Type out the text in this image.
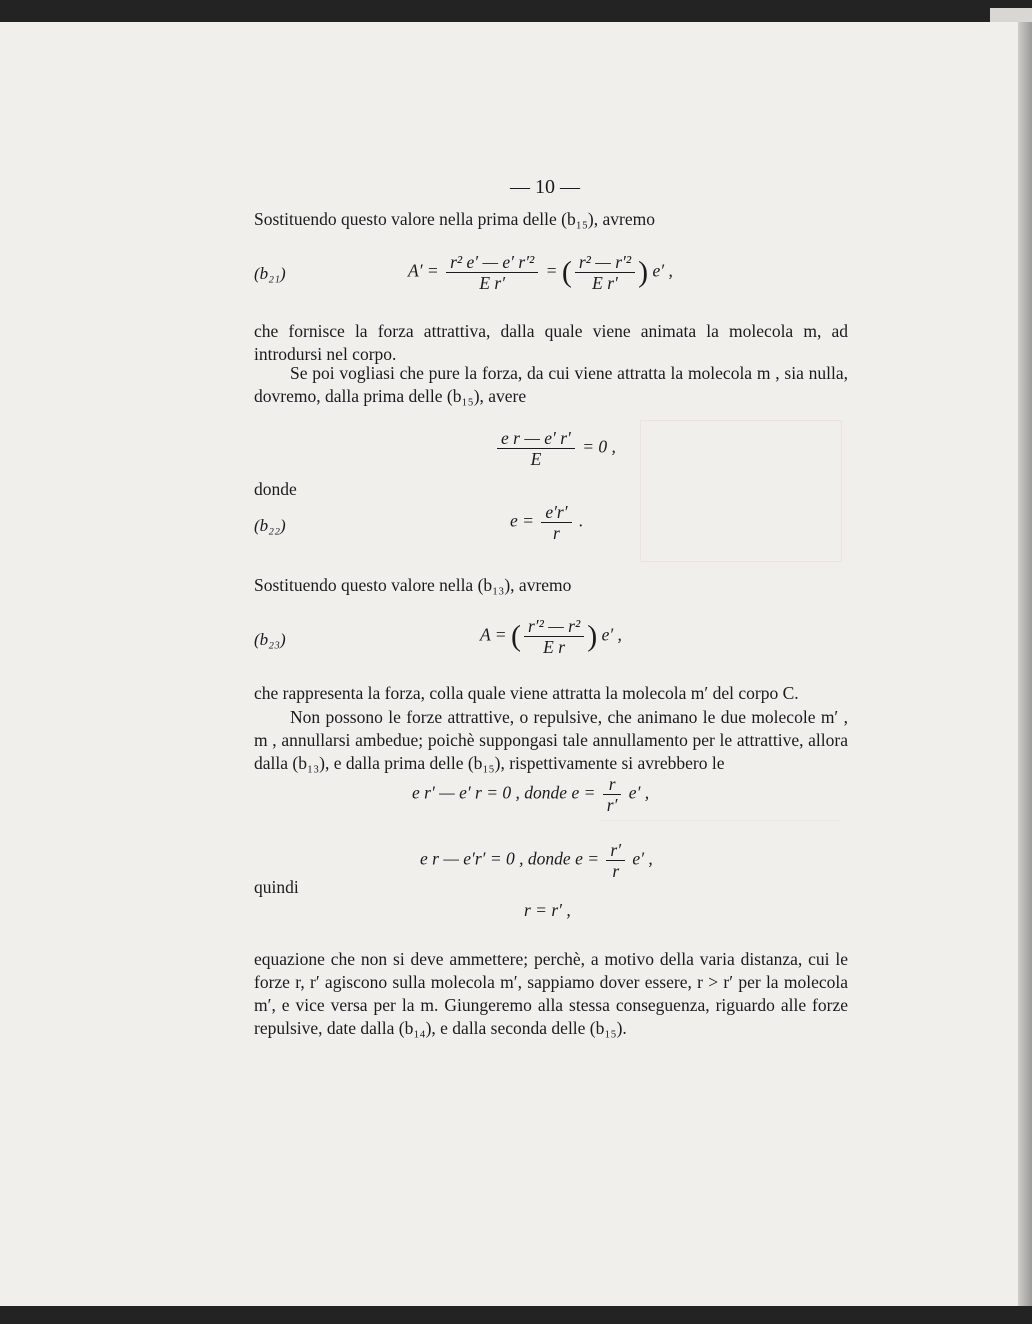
— 10 —
Sostituendo questo valore nella prima delle (b₁₅), avremo
(b₂₁)	$A' = \frac{\text{r² e′ — e′ r′²}}{\text{E r′}}$ = ( $\frac{\text{r² — r′²}}{\text{E r′}}$ ) e′ ,
che fornisce la forza attrattiva, dalla quale viene animata la molecola m, ad introdursi nel corpo.
Se poi vogliasi che pure la forza, da cui viene attratta la molecola m , sia nulla, dovremo, dalla prima delle (b₁₅), avere
$\frac{\text{e r — e′ r′}}{E} = 0$ ,
donde
(b₂₂)	$e = \frac{e'r'}{r}$ .
Sostituendo questo valore nella (b₁₃), avremo
(b₂₃)	A = ( $\frac{\text{r′² — r²}}{\text{E r}}$ ) e′ ,
che rappresenta la forza, colla quale viene attratta la molecola m′ del corpo C.
Non possono le forze attrattive, o repulsive, che animano le due molecole m′ , m , annullarsi ambedue; poichè suppongasi tale annullamento per le attrattive, allora dalla (b₁₃), e dalla prima delle (b₁₅), rispettivamente si avrebbero le
e r′ — e′ r = 0 , donde $e = \frac{r}{r'} e'$ ,
e r — e′r′ = 0 , donde $e = \frac{r'}{r} e'$ ,
quindi
r = r′ ,
equazione che non si deve ammettere; perchè, a motivo della varia distanza, cui le forze r, r′ agiscono sulla molecola m′, sappiamo dover essere, r > r′ per la molecola m′, e vice versa per la m. Giungeremo alla stessa conseguenza, riguardo alle forze repulsive, date dalla (b₁₄), e dalla seconda delle (b₁₅).
